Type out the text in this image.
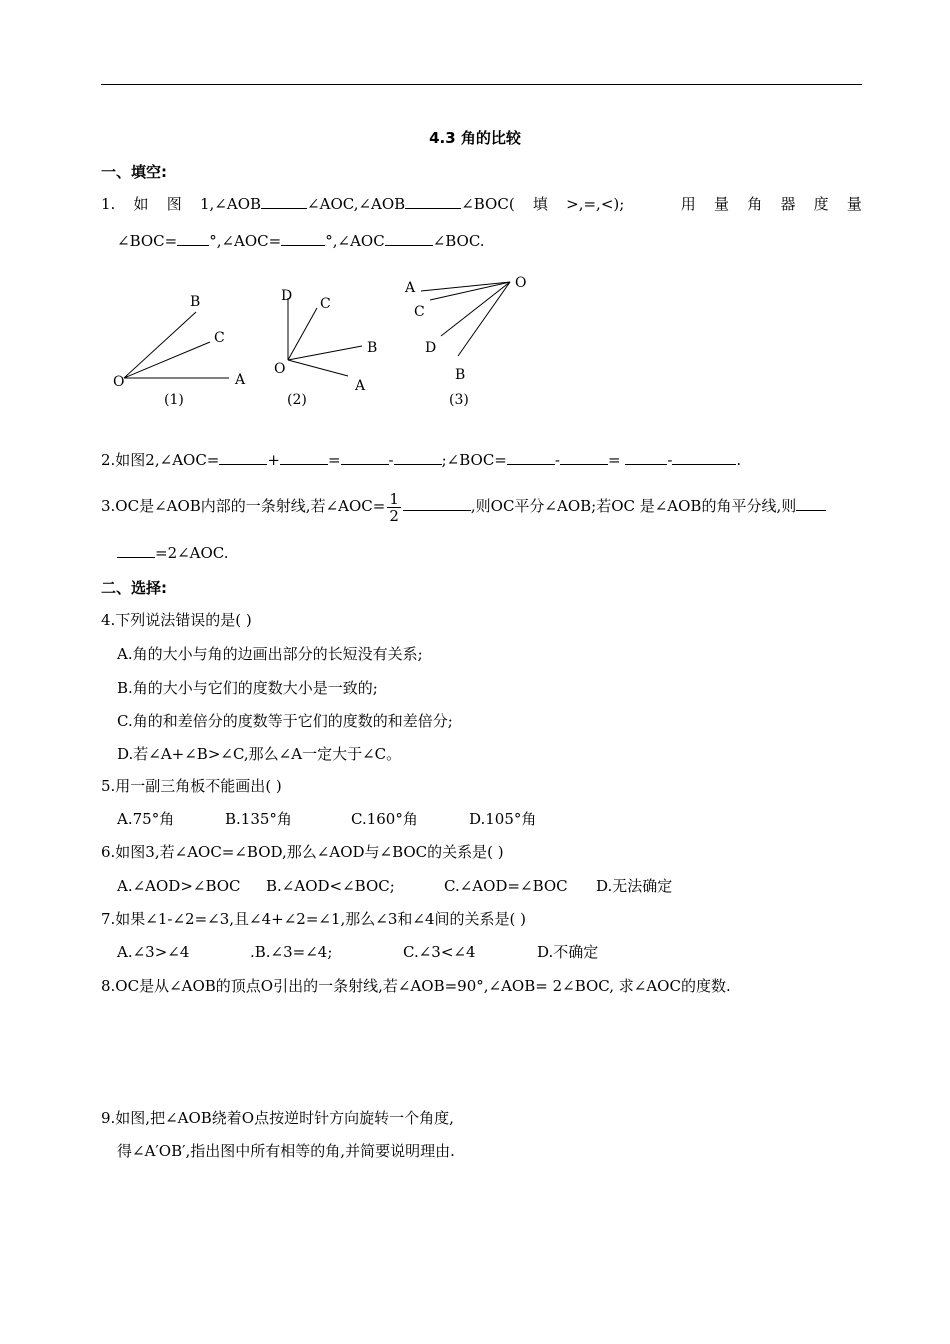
4.3 角的比较
一、填空:
1. 如 图 1,∠AOB	∠AOC,∠AOB	∠BOC( 填 >,=,<);	用 量 角 器 度 量
∠BOC= °,∠AOC=	°,∠AOC	∠BOC.
O	A
C
B
(1)
O
A
B
C
D
(2)
O
A
C
D
B
(3)
2.如图2,∠AOC=	+	=	-	;∠BOC=	-	=	-	.
3.OC是∠AOB内部的一条射线,若∠AOC= $\frac{1}{2}$	,则OC平分∠AOB;若OC 是∠AOB的角平分线,则
=2∠AOC.
二、选择:
4.下列说法错误的是( )
A.角的大小与角的边画出部分的长短没有关系;
B.角的大小与它们的度数大小是一致的;
C.角的和差倍分的度数等于它们的度数的和差倍分;
D.若∠A+∠B>∠C,那么∠A一定大于∠C。
5.用一副三角板不能画出( )
A.75°角	B.135°角	C.160°角	D.105°角
6.如图3,若∠AOC=∠BOD,那么∠AOD与∠BOC的关系是( )
A.∠AOD>∠BOC B.∠AOD<∠BOC;	C.∠AOD=∠BOC D.无法确定
7.如果∠1-∠2=∠3,且∠4+∠2=∠1,那么∠3和∠4间的关系是( )
A.∠3>∠4	.B.∠3=∠4;	C.∠3<∠4	D.不确定
8.OC是从∠AOB的顶点O引出的一条射线,若∠AOB=90°,∠AOB= 2∠BOC, 求∠AOC的度数.
9.如图,把∠AOB绕着O点按逆时针方向旋转一个角度,
得∠A′OB′,指出图中所有相等的角,并简要说明理由.
